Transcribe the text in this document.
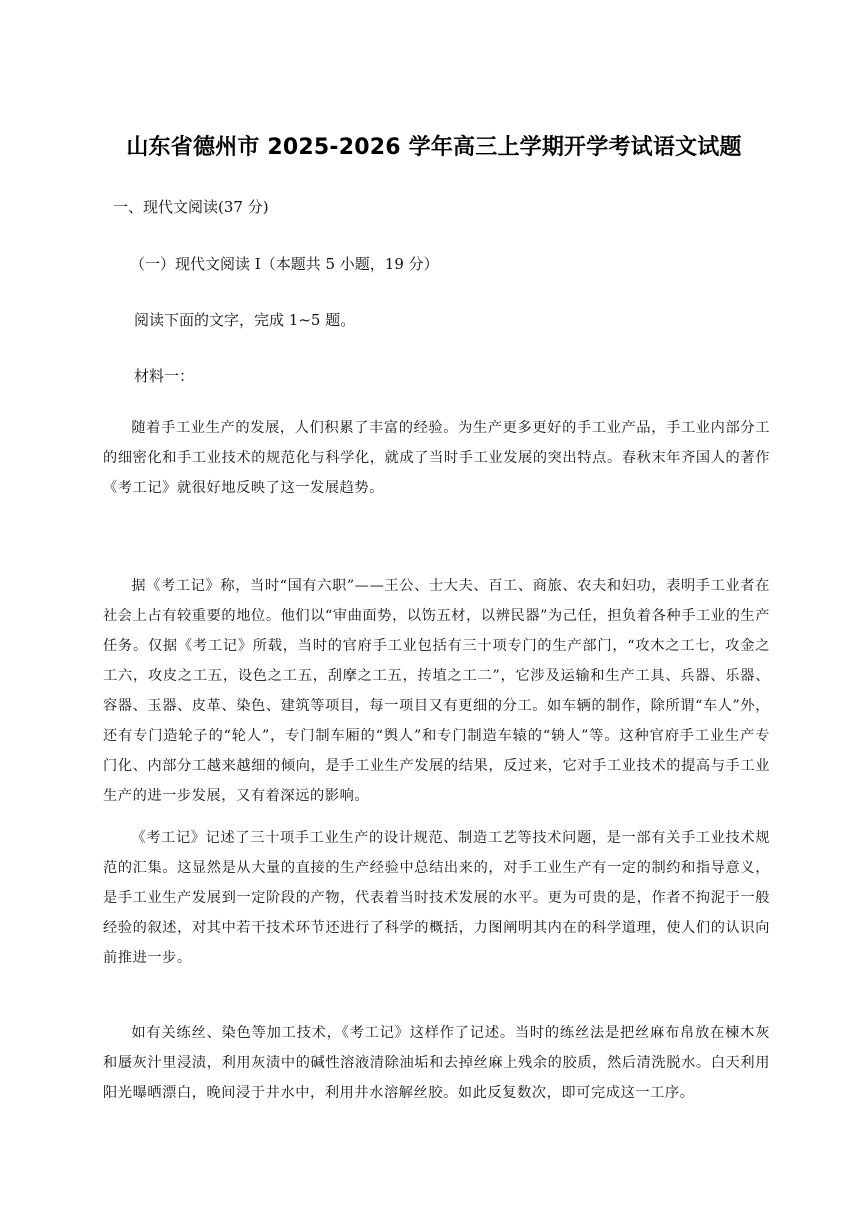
山东省德州市 2025-2026 学年高三上学期开学考试语文试题
一、现代文阅读(37 分)
（一）现代文阅读 I（本题共 5 小题，19 分）
阅读下面的文字，完成 1~5 题。
材料一：

随着手工业生产的发展，人们积累了丰富的经验。为生产更多更好的手工业产品，手工业内部分工的细密化和手工业技术的规范化与科学化，就成了当时手工业发展的突出特点。春秋末年齐国人的著作《考工记》就很好地反映了这一发展趋势。

据《考工记》称，当时“国有六职”——王公、士大夫、百工、商旅、农夫和妇功，表明手工业者在社会上占有较重要的地位。他们以“审曲面势，以饬五材，以辨民器”为己任，担负着各种手工业的生产任务。仅据《考工记》所载，当时的官府手工业包括有三十项专门的生产部门，“攻木之工七，攻金之工六，攻皮之工五，设色之工五，刮摩之工五，抟埴之工二”，它涉及运输和生产工具、兵器、乐器、容器、玉器、皮革、染色、建筑等项目，每一项目又有更细的分工。如车辆的制作，除所谓“车人”外，还有专门造轮子的“轮人”，专门制车厢的“舆人”和专门制造车辕的“辀人”等。这种官府手工业生产专门化、内部分工越来越细的倾向，是手工业生产发展的结果，反过来，它对手工业技术的提高与手工业生产的进一步发展，又有着深远的影响。

《考工记》记述了三十项手工业生产的设计规范、制造工艺等技术问题，是一部有关手工业技术规范的汇集。这显然是从大量的直接的生产经验中总结出来的，对手工业生产有一定的制约和指导意义，是手工业生产发展到一定阶段的产物，代表着当时技术发展的水平。更为可贵的是，作者不拘泥于一般经验的叙述，对其中若干技术环节还进行了科学的概括，力图阐明其内在的科学道理，使人们的认识向前推进一步。

如有关练丝、染色等加工技术，《考工记》这样作了记述。当时的练丝法是把丝麻布帛放在楝木灰和蜃灰汁里浸渍，利用灰渍中的碱性溶液清除油垢和去掉丝麻上残余的胶质，然后清洗脱水。白天利用阳光曝晒漂白，晚间浸于井水中，利用井水溶解丝胶。如此反复数次，即可完成这一工序。
